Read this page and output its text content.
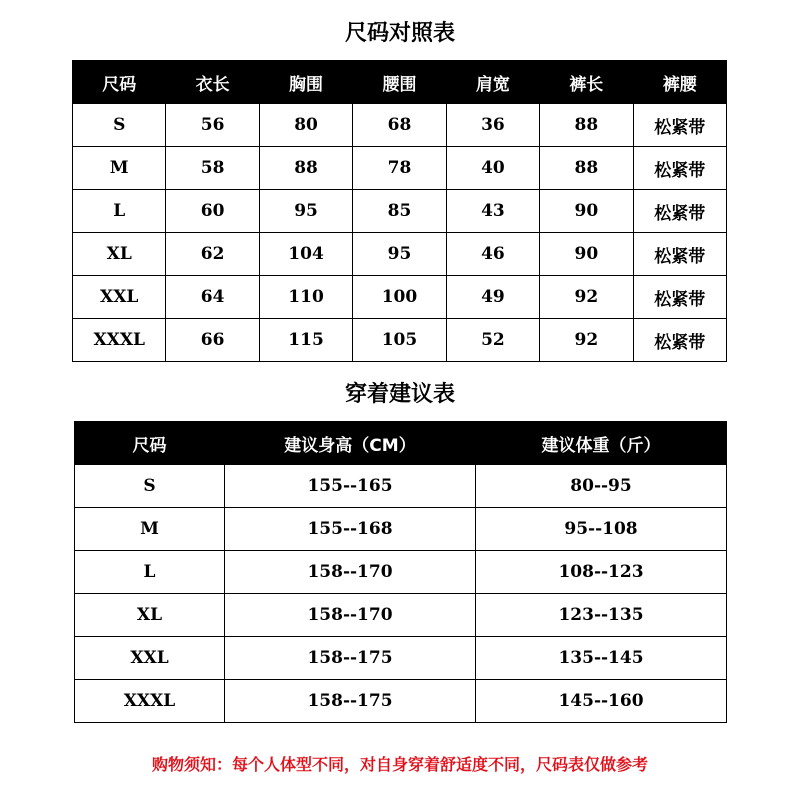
尺码对照表
尺码	衣长	胸围	腰围	肩宽	裤长	裤腰
S	56	80	68	36	88	松紧带
M	58	88	78	40	88	松紧带
L	60	95	85	43	90	松紧带
XL	62	104	95	46	90	松紧带
XXL	64	110	100	49	92	松紧带
XXXL	66	115	105	52	92	松紧带
穿着建议表
尺码	建议身高（CM）	建议体重（斤）
S	155--165	80--95
M	155--168	95--108
L	158--170	108--123
XL	158--170	123--135
XXL	158--175	135--145
XXXL	158--175	145--160
购物须知：每个人体型不同，对自身穿着舒适度不同，尺码表仅做参考
